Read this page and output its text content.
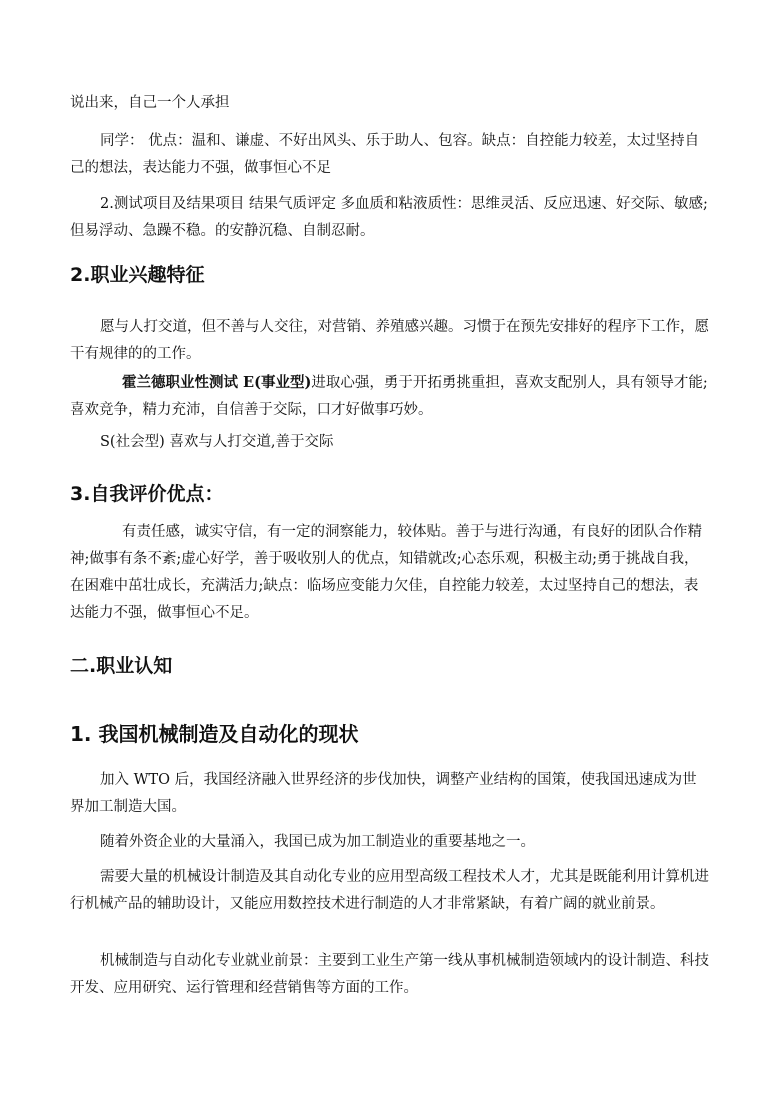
说出来，自己一个人承担

同学： 优点：温和、谦虚、不好出风头、乐于助人、包容。缺点：自控能力较差，太过坚持自己的想法，表达能力不强，做事恒心不足

2.测试项目及结果项目 结果气质评定 多血质和粘液质性：思维灵活、反应迅速、好交际、敏感;但易浮动、急躁不稳。的安静沉稳、自制忍耐。

2.职业兴趣特征

愿与人打交道，但不善与人交往，对营销、养殖感兴趣。习惯于在预先安排好的程序下工作，愿干有规律的的工作。

霍兰德职业性测试 E(事业型)进取心强，勇于开拓勇挑重担，喜欢支配别人，具有领导才能;喜欢竞争，精力充沛，自信善于交际，口才好做事巧妙。

S(社会型) 喜欢与人打交道,善于交际

3.自我评价优点：

有责任感，诚实守信，有一定的洞察能力，较体贴。善于与进行沟通，有良好的团队合作精神;做事有条不紊;虚心好学，善于吸收别人的优点，知错就改;心态乐观，积极主动;勇于挑战自我，在困难中茁壮成长，充满活力;缺点：临场应变能力欠佳，自控能力较差，太过坚持自己的想法，表达能力不强，做事恒心不足。

二.职业认知
1. 我国机械制造及自动化的现状

加入 WTO 后，我国经济融入世界经济的步伐加快，调整产业结构的国策，使我国迅速成为世界加工制造大国。

随着外资企业的大量涌入，我国已成为加工制造业的重要基地之一。

需要大量的机械设计制造及其自动化专业的应用型高级工程技术人才，尤其是既能利用计算机进行机械产品的辅助设计，又能应用数控技术进行制造的人才非常紧缺，有着广阔的就业前景。

机械制造与自动化专业就业前景：主要到工业生产第一线从事机械制造领域内的设计制造、科技开发、应用研究、运行管理和经营销售等方面的工作。
